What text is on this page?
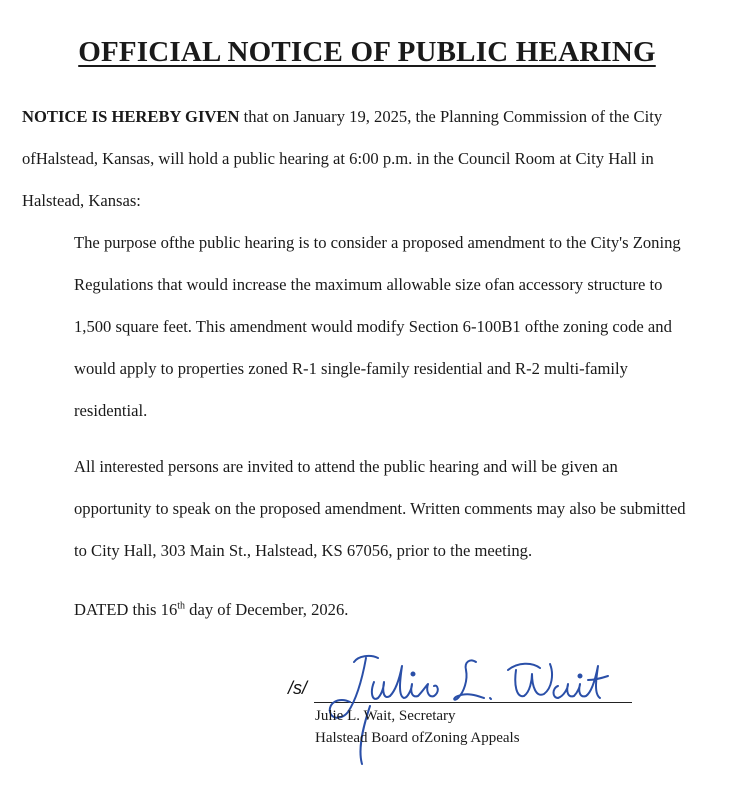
OFFICIAL NOTICE OF PUBLIC HEARING

NOTICE IS HEREBY GIVEN that on January 19, 2025, the Planning Commission of the City ofHalstead, Kansas, will hold a public hearing at 6:00 p.m. in the Council Room at City Hall in Halstead, Kansas:

The purpose ofthe public hearing is to consider a proposed amendment to the City's Zoning Regulations that would increase the maximum allowable size ofan accessory structure to 1,500 square feet. This amendment would modify Section 6-100B1 ofthe zoning code and would apply to properties zoned R-1 single-family residential and R-2 multi-family residential.

All interested persons are invited to attend the public hearing and will be given an opportunity to speak on the proposed amendment. Written comments may also be submitted to City Hall, 303 Main St., Halstead, KS 67056, prior to the meeting.

DATED this 16th day of December, 2026.

/s/
Julie L. Wait, Secretary
Halstead Board ofZoning Appeals
